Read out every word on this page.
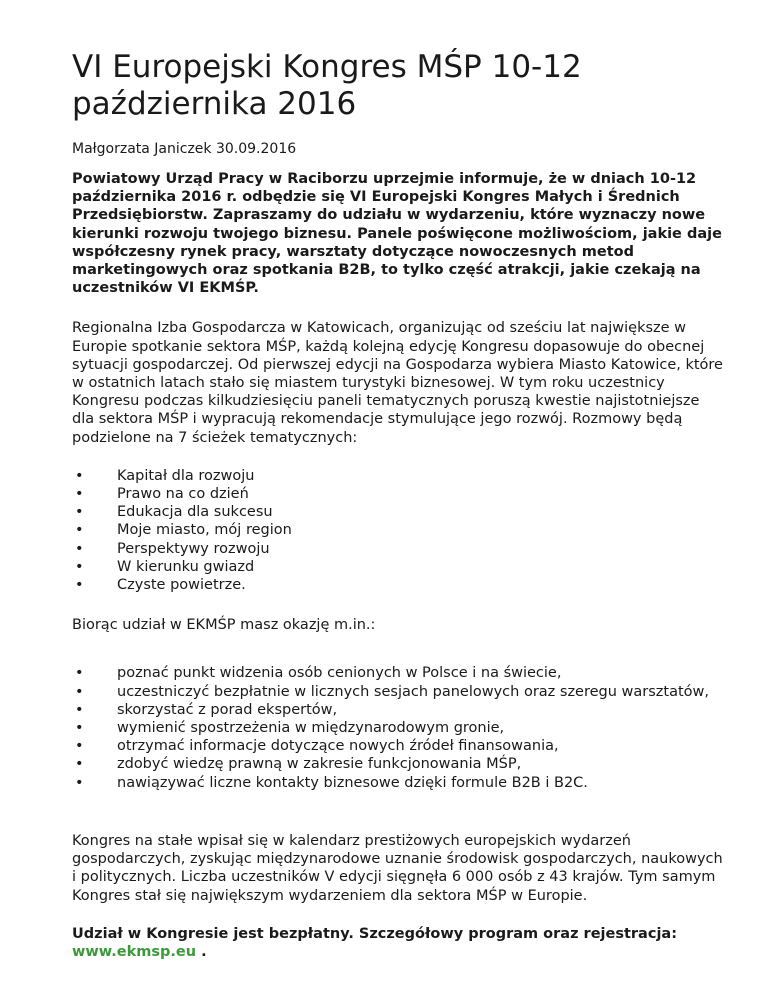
VI Europejski Kongres MŚP 10-12 października 2016

Małgorzata Janiczek 30.09.2016

Powiatowy Urząd Pracy w Raciborzu uprzejmie informuje, że w dniach 10-12 października 2016 r. odbędzie się VI Europejski Kongres Małych i Średnich Przedsiębiorstw. Zapraszamy do udziału w wydarzeniu, które wyznaczy nowe kierunki rozwoju twojego biznesu. Panele poświęcone możliwościom, jakie daje współczesny rynek pracy, warsztaty dotyczące nowoczesnych metod marketingowych oraz spotkania B2B, to tylko część atrakcji, jakie czekają na uczestników VI EKMŚP.

Regionalna Izba Gospodarcza w Katowicach, organizując od sześciu lat największe w Europie spotkanie sektora MŚP, każdą kolejną edycję Kongresu dopasowuje do obecnej sytuacji gospodarczej. Od pierwszej edycji na Gospodarza wybiera Miasto Katowice, które w ostatnich latach stało się miastem turystyki biznesowej. W tym roku uczestnicy Kongresu podczas kilkudziesięciu paneli tematycznych poruszą kwestie najistotniejsze dla sektora MŚP i wypracują rekomendacje stymulujące jego rozwój. Rozmowy będą podzielone na 7 ścieżek tematycznych:

• Kapitał dla rozwoju
• Prawo na co dzień
• Edukacja dla sukcesu
• Moje miasto, mój region
• Perspektywy rozwoju
• W kierunku gwiazd
• Czyste powietrze.

Biorąc udział w EKMŚP masz okazję m.in.:

• poznać punkt widzenia osób cenionych w Polsce i na świecie,
• uczestniczyć bezpłatnie w licznych sesjach panelowych oraz szeregu warsztatów,
• skorzystać z porad ekspertów,
• wymienić spostrzeżenia w międzynarodowym gronie,
• otrzymać informacje dotyczące nowych źródeł finansowania,
• zdobyć wiedzę prawną w zakresie funkcjonowania MŚP,
• nawiązywać liczne kontakty biznesowe dzięki formule B2B i B2C.

Kongres na stałe wpisał się w kalendarz prestiżowych europejskich wydarzeń gospodarczych, zyskując międzynarodowe uznanie środowisk gospodarczych, naukowych i politycznych. Liczba uczestników V edycji sięgnęła 6 000 osób z 43 krajów. Tym samym Kongres stał się największym wydarzeniem dla sektora MŚP w Europie.

Udział w Kongresie jest bezpłatny. Szczegółowy program oraz rejestracja: www.ekmsp.eu .
